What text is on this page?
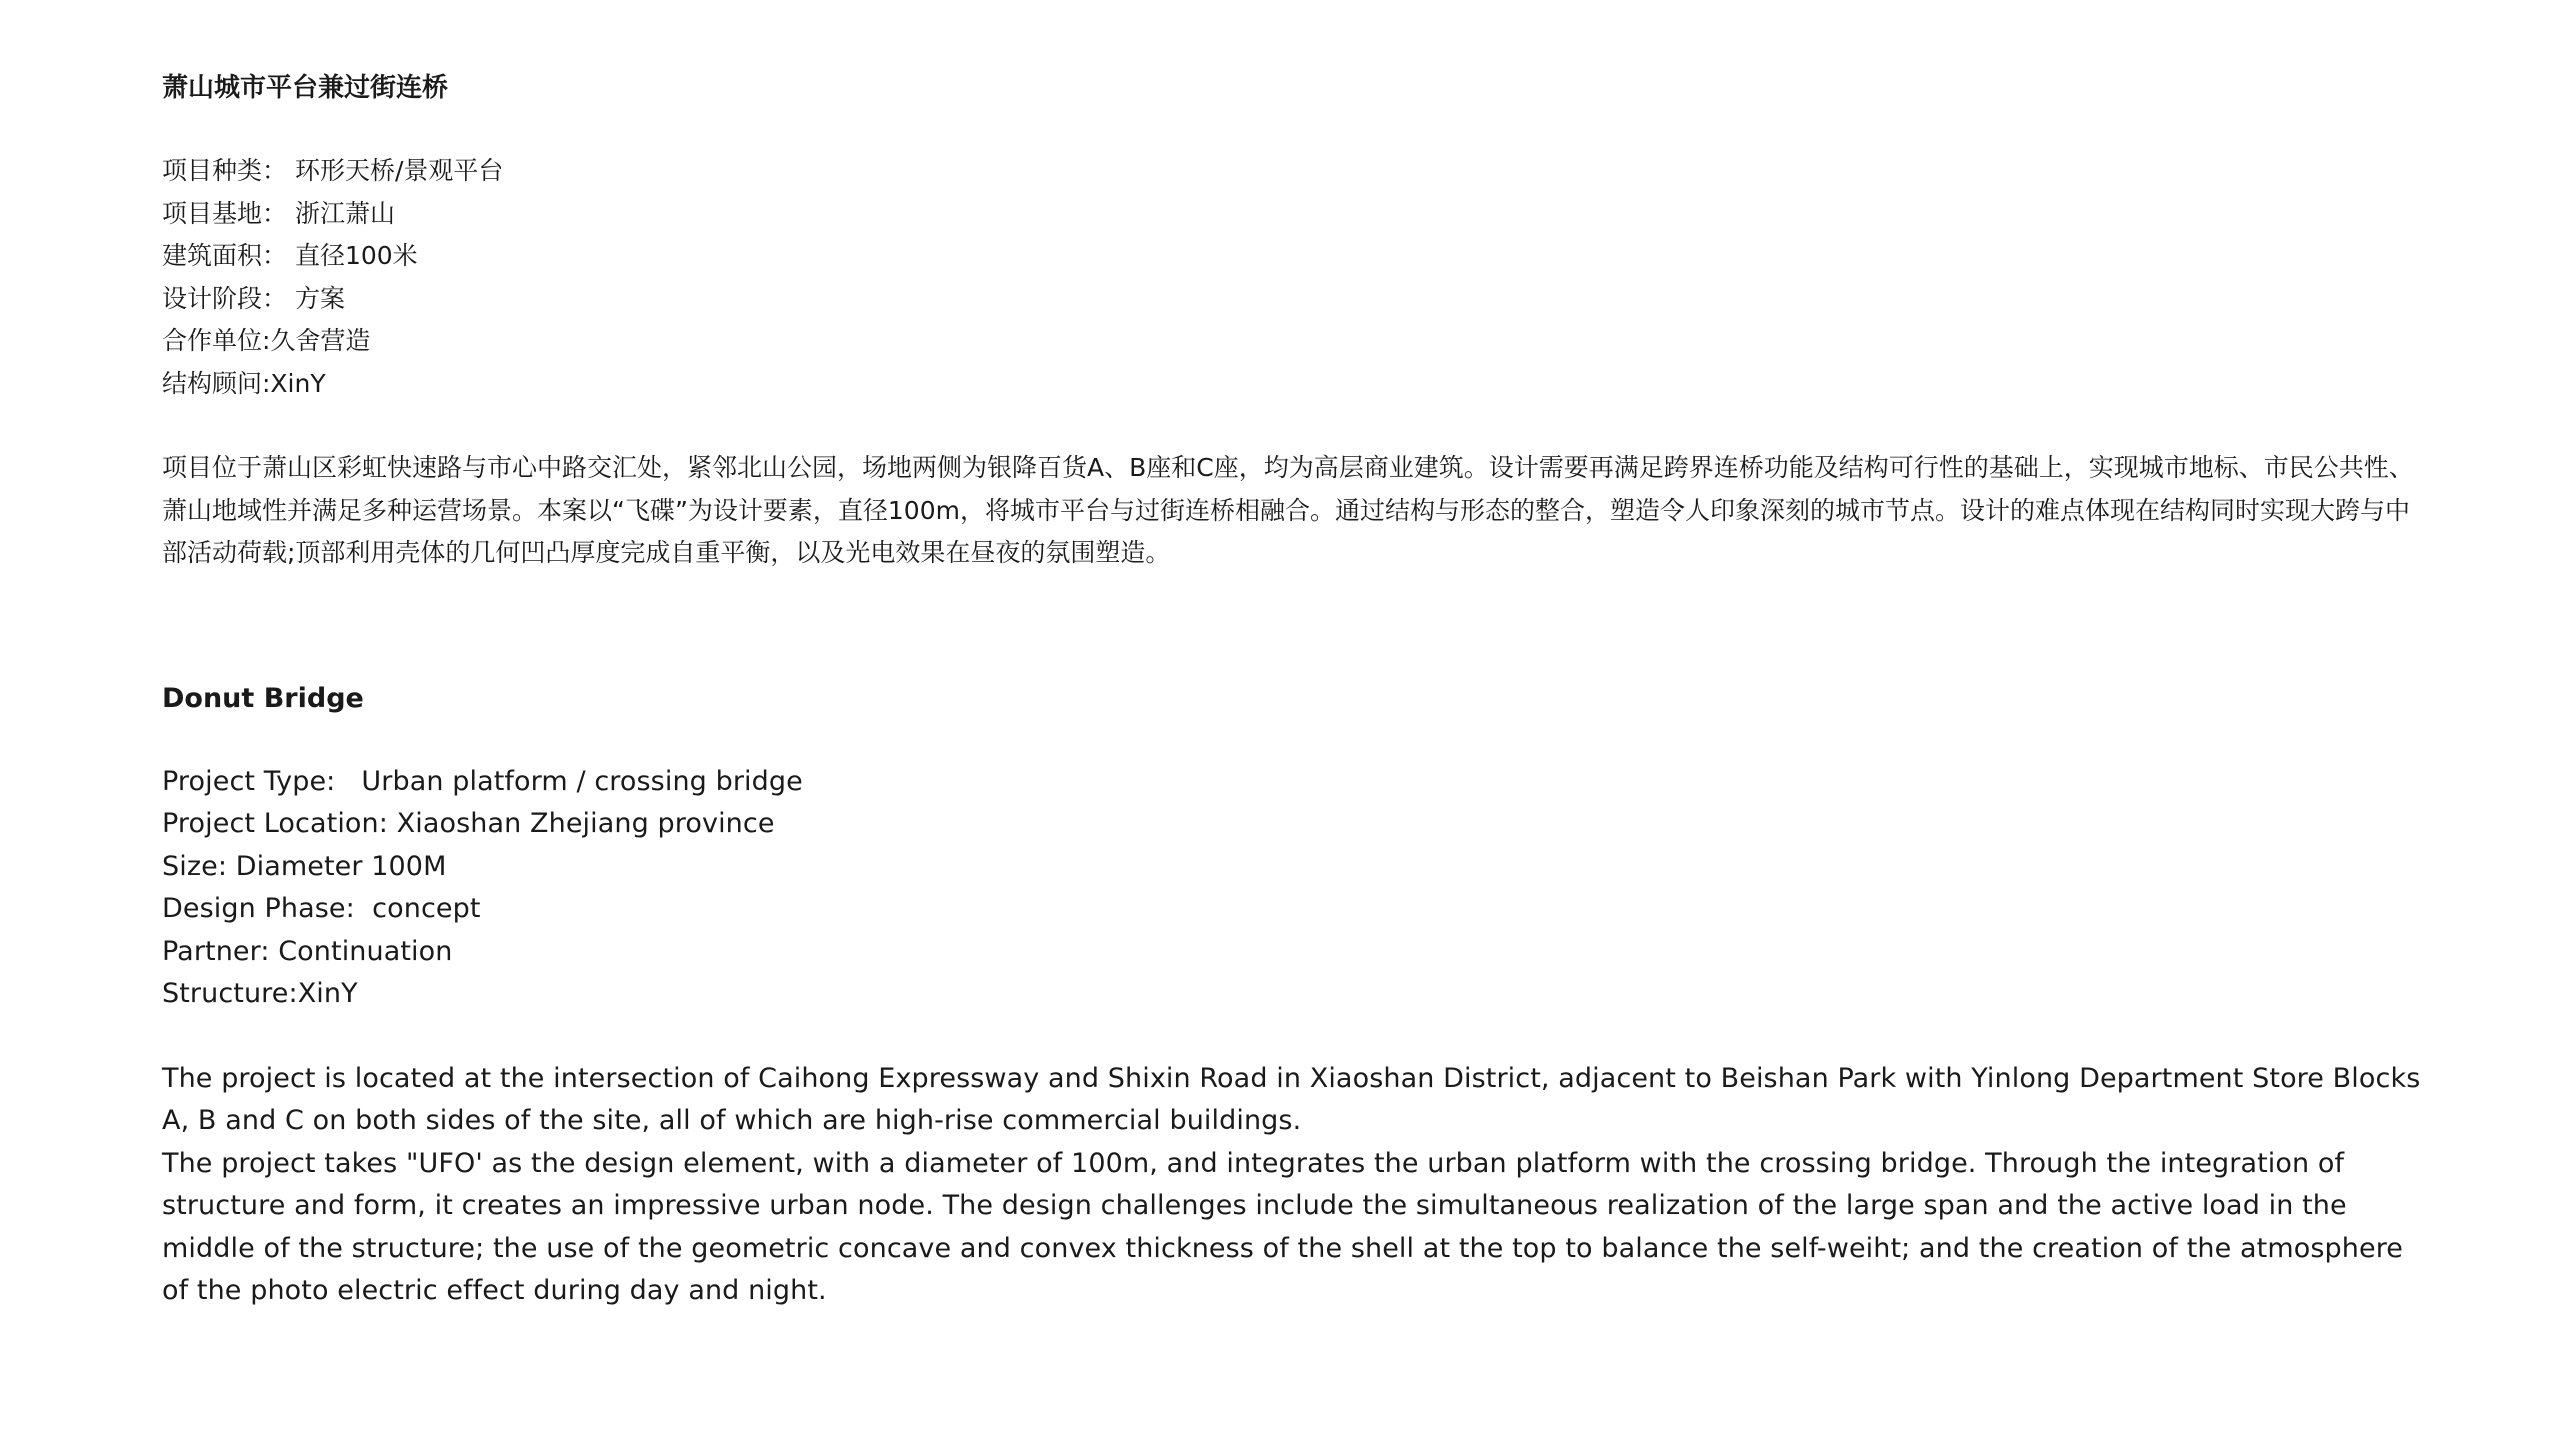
萧山城市平台兼过街连桥
项目种类： 环形天桥/景观平台
项目基地： 浙江萧山
建筑面积： 直径100米
设计阶段： 方案
合作单位:久舍营造
结构顾问:XinY

项目位于萧山区彩虹快速路与市心中路交汇处，紧邻北山公园，场地两侧为银降百货A、B座和C座，均为高层商业建筑。设计需要再满足跨界连桥功能及结构可行性的基础上，实现城市地标、市民公共性、萧山地域性并满足多种运营场景。本案以“飞碟”为设计要素，直径100m，将城市平台与过街连桥相融合。通过结构与形态的整合，塑造令人印象深刻的城市节点。设计的难点体现在结构同时实现大跨与中部活动荷载;顶部利用壳体的几何凹凸厚度完成自重平衡，以及光电效果在昼夜的氛围塑造。

Donut Bridge
Project Type:   Urban platform / crossing bridge
Project Location: Xiaoshan Zhejiang province
Size: Diameter 100M
Design Phase:  concept
Partner: Continuation
Structure:XinY

The project is located at the intersection of Caihong Expressway and Shixin Road in Xiaoshan District, adjacent to Beishan Park with Yinlong Department Store Blocks A, B and C on both sides of the site, all of which are high-rise commercial buildings.

The project takes "UFO' as the design element, with a diameter of 100m, and integrates the urban platform with the crossing bridge. Through the integration of structure and form, it creates an impressive urban node. The design challenges include the simultaneous realization of the large span and the active load in the middle of the structure; the use of the geometric concave and convex thickness of the shell at the top to balance the self-weiht; and the creation of the atmosphere of the photo electric effect during day and night.
